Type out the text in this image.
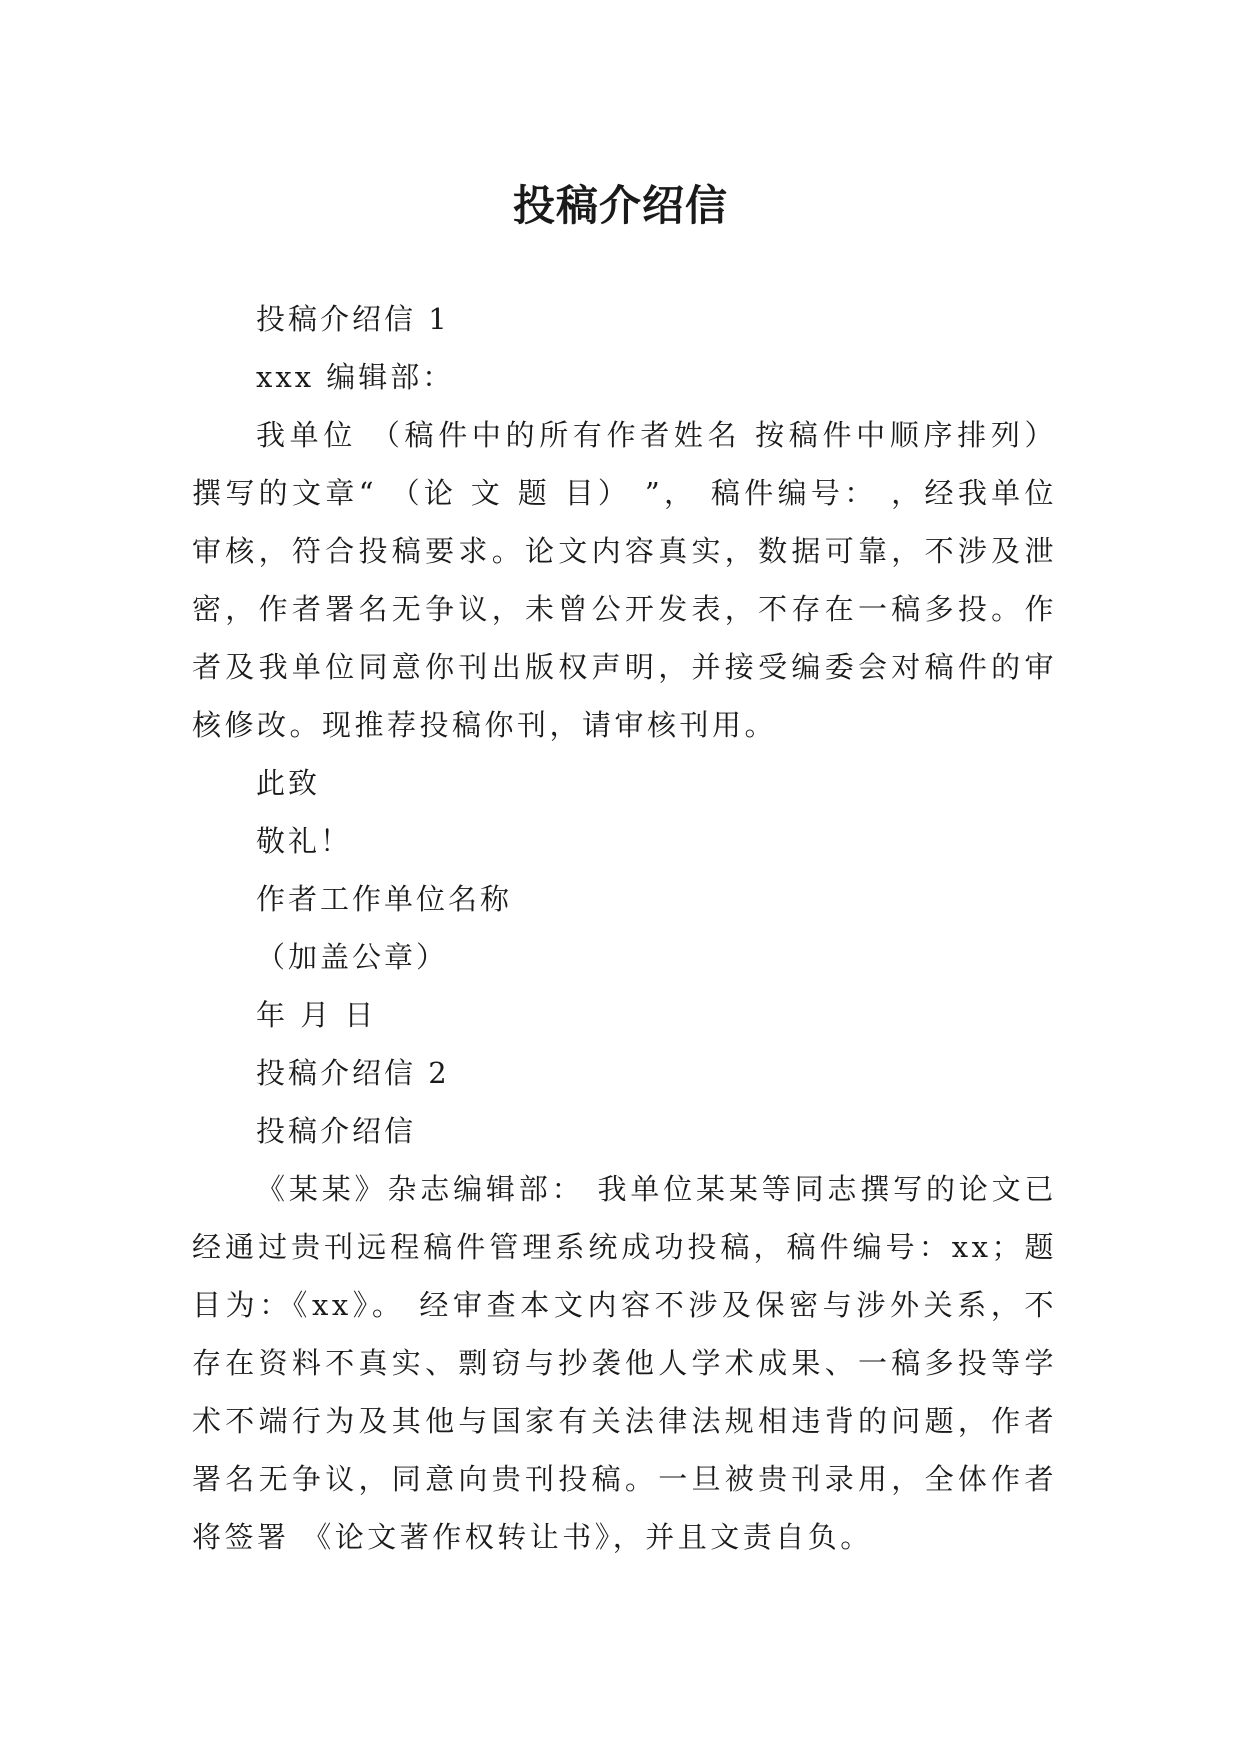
投稿介绍信

投稿介绍信 1

xxx 编辑部：

我单位 （稿件中的所有作者姓名 按稿件中顺序排列）撰写的文章“ （论 文 题 目） ”， 稿件编号： ，经我单位审核，符合投稿要求。论文内容真实，数据可靠，不涉及泄密，作者署名无争议，未曾公开发表，不存在一稿多投。作者及我单位同意你刊出版权声明，并接受编委会对稿件的审核修改。现推荐投稿你刊，请审核刊用。

此致

敬礼！

作者工作单位名称

（加盖公章）

年 月 日

投稿介绍信 2

投稿介绍信

《某某》杂志编辑部： 我单位某某等同志撰写的论文已经通过贵刊远程稿件管理系统成功投稿，稿件编号：xx；题目为：《xx》。 经审查本文内容不涉及保密与涉外关系，不存在资料不真实、剽窃与抄袭他人学术成果、一稿多投等学术不端行为及其他与国家有关法律法规相违背的问题，作者署名无争议，同意向贵刊投稿。一旦被贵刊录用，全体作者将签署 《论文著作权转让书》，并且文责自负。
